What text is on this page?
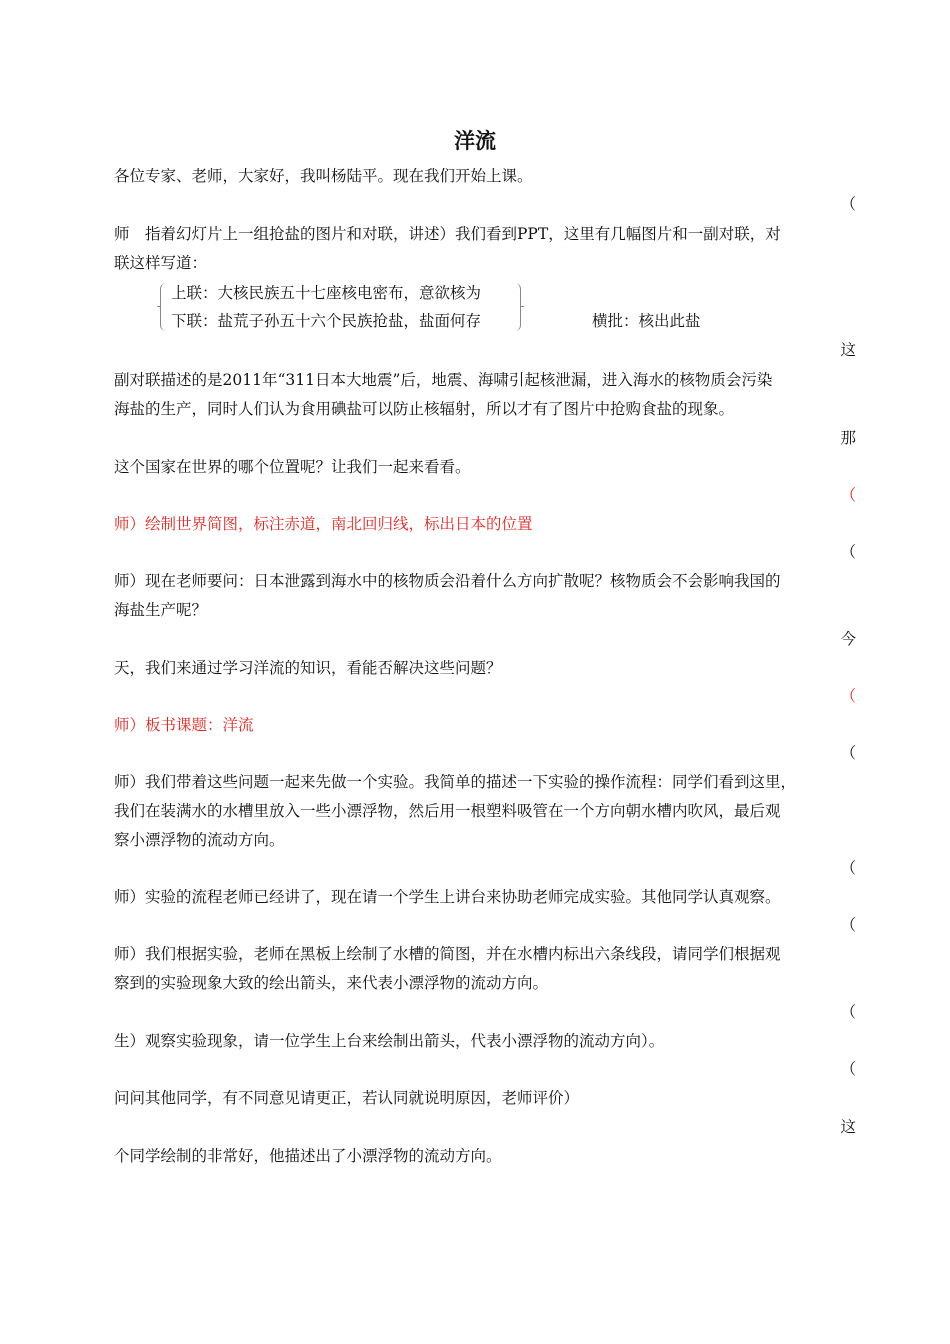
洋流
各位专家、老师，大家好，我叫杨陆平。现在我们开始上课。
（
师　指着幻灯片上一组抢盐的图片和对联，讲述）我们看到PPT，这里有几幅图片和一副对联，对
联这样写道：
上联：大核民族五十七座核电密布，意欲核为
下联：盐荒子孙五十六个民族抢盐，盐面何存	横批：核出此盐
这
副对联描述的是2011年“311日本大地震”后，地震、海啸引起核泄漏，进入海水的核物质会污染
海盐的生产，同时人们认为食用碘盐可以防止核辐射，所以才有了图片中抢购食盐的现象。
那
这个国家在世界的哪个位置呢？让我们一起来看看。
（
师）绘制世界简图，标注赤道，南北回归线，标出日本的位置
（
师）现在老师要问：日本泄露到海水中的核物质会沿着什么方向扩散呢？核物质会不会影响我国的
海盐生产呢？
今
天，我们来通过学习洋流的知识，看能否解决这些问题？
（
师）板书课题：洋流
（
师）我们带着这些问题一起来先做一个实验。我简单的描述一下实验的操作流程：同学们看到这里，
我们在装满水的水槽里放入一些小漂浮物，然后用一根塑料吸管在一个方向朝水槽内吹风，最后观
察小漂浮物的流动方向。
（
师）实验的流程老师已经讲了，现在请一个学生上讲台来协助老师完成实验。其他同学认真观察。
（
师）我们根据实验，老师在黑板上绘制了水槽的简图，并在水槽内标出六条线段，请同学们根据观
察到的实验现象大致的绘出箭头，来代表小漂浮物的流动方向。
（
生）观察实验现象，请一位学生上台来绘制出箭头，代表小漂浮物的流动方向）。
（
问问其他同学，有不同意见请更正，若认同就说明原因，老师评价）
这
个同学绘制的非常好，他描述出了小漂浮物的流动方向。
